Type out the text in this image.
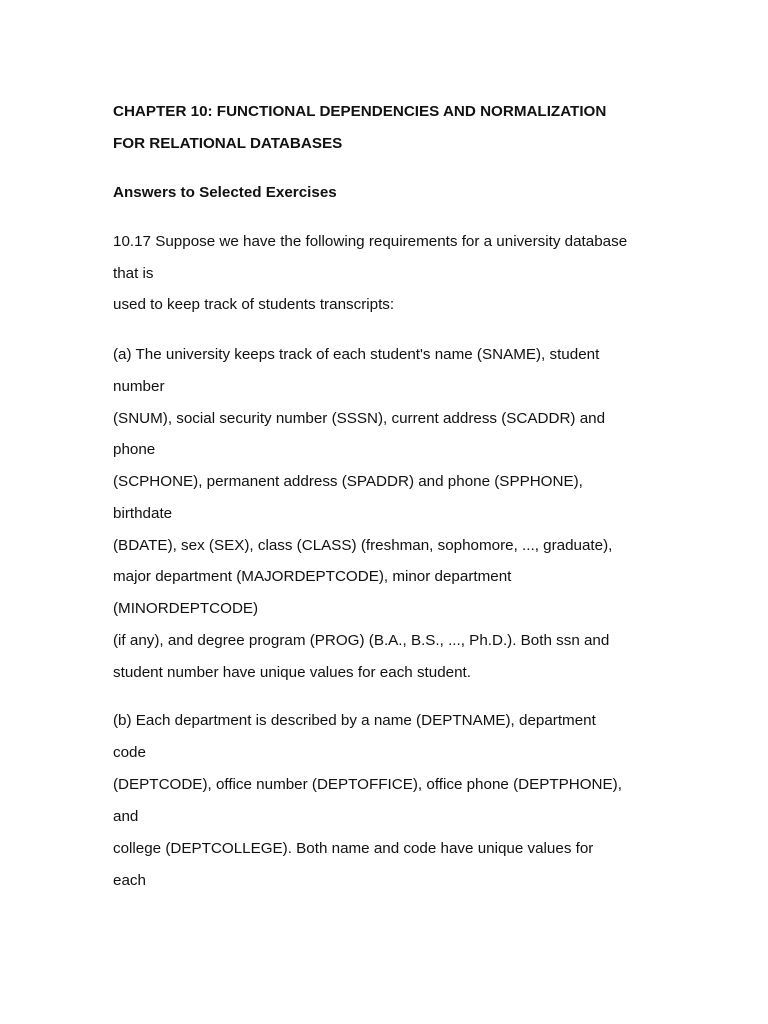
CHAPTER 10: FUNCTIONAL DEPENDENCIES AND NORMALIZATION
FOR RELATIONAL DATABASES
Answers to Selected Exercises
10.17 Suppose we have the following requirements for a university database
that is
used to keep track of students transcripts:
(a) The university keeps track of each student's name (SNAME), student
number
(SNUM), social security number (SSSN), current address (SCADDR) and
phone
(SCPHONE), permanent address (SPADDR) and phone (SPPHONE),
birthdate
(BDATE), sex (SEX), class (CLASS) (freshman, sophomore, ..., graduate),
major department (MAJORDEPTCODE), minor department
(MINORDEPTCODE)
(if any), and degree program (PROG) (B.A., B.S., ..., Ph.D.). Both ssn and
student number have unique values for each student.
(b) Each department is described by a name (DEPTNAME), department
code
(DEPTCODE), office number (DEPTOFFICE), office phone (DEPTPHONE),
and
college (DEPTCOLLEGE). Both name and code have unique values for
each
